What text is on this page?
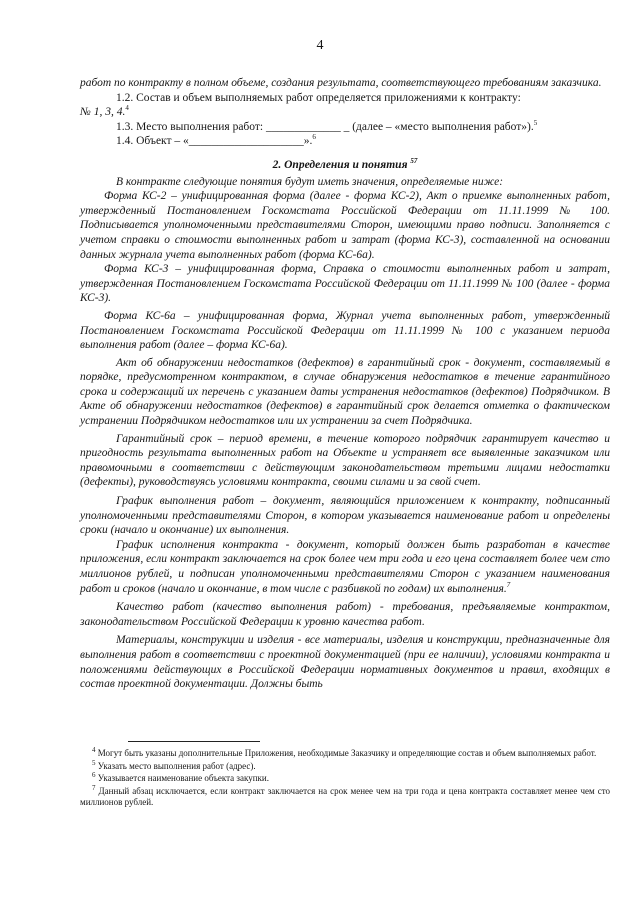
4

работ по контракту в полном объеме, создания результата, соответствующего требованиям заказчика.

1.2. Состав и объем выполняемых работ определяется приложениями к контракту:
№ 1, 3, 4.$^4$

1.3. Место выполнения работ: _____________ _ (далее – «место выполнения работ»).$^5$

1.4. Объект – «____________________».$^6$

2. Определения и понятия $^{57}$

В контракте следующие понятия будут иметь значения, определяемые ниже:

Форма КС-2 – унифицированная форма (далее - форма КС-2), Акт о приемке выполненных работ, утвержденный Постановлением Госкомстата Российской Федерации от 11.11.1999 № 100. Подписывается уполномоченными представителями Сторон, имеющими право подписи. Заполняется с учетом справки о стоимости выполненных работ и затрат (форма КС-3), составленной на основании данных журнала учета выполненных работ (форма КС-6а).

Форма КС-3 – унифицированная форма, Справка о стоимости выполненных работ и затрат, утвержденная Постановлением Госкомстата Российской Федерации от 11.11.1999 № 100 (далее - форма КС-3).

Форма КС-6а – унифицированная форма, Журнал учета выполненных работ, утвержденный Постановлением Госкомстата Российской Федерации от 11.11.1999 № 100 с указанием периода выполнения работ (далее – форма КС-6а).

Акт об обнаружении недостатков (дефектов) в гарантийный срок - документ, составляемый в порядке, предусмотренном контрактом, в случае обнаружения недостатков в течение гарантийного срока и содержащий их перечень с указанием даты устранения недостатков (дефектов) Подрядчиком. В Акте об обнаружении недостатков (дефектов) в гарантийный срок делается отметка о фактическом устранении Подрядчиком недостатков или их устранении за счет Подрядчика.

Гарантийный срок – период времени, в течение которого подрядчик гарантирует качество и пригодность результата выполненных работ на Объекте и устраняет все выявленные заказчиком или правомочными в соответствии с действующим законодательством третьими лицами недостатки (дефекты), руководствуясь условиями контракта, своими силами и за свой счет.

График выполнения работ – документ, являющийся приложением к контракту, подписанный уполномоченными представителями Сторон, в котором указывается наименование работ и определены сроки (начало и окончание) их выполнения.

График исполнения контракта - документ, который должен быть разработан в качестве приложения, если контракт заключается на срок более чем три года и его цена составляет более чем сто миллионов рублей, и подписан уполномоченными представителями Сторон с указанием наименования работ и сроков (начало и окончание, в том числе с разбивкой по годам) их выполнения.$^7$

Качество работ (качество выполнения работ) - требования, предъявляемые контрактом, законодательством Российской Федерации к уровню качества работ.

Материалы, конструкции и изделия - все материалы, изделия и конструкции, предназначенные для выполнения работ в соответствии с проектной документацией (при ее наличии), условиями контракта и положениями действующих в Российской Федерации нормативных документов и правил, входящих в состав проектной документации. Должны быть

$^4$ Могут быть указаны дополнительные Приложения, необходимые Заказчику и определяющие состав и объем выполняемых работ.

$^5$ Указать место выполнения работ (адрес).

$^6$ Указывается наименование объекта закупки.

$^7$ Данный абзац исключается, если контракт заключается на срок менее чем на три года и цена контракта составляет менее чем сто миллионов рублей.
